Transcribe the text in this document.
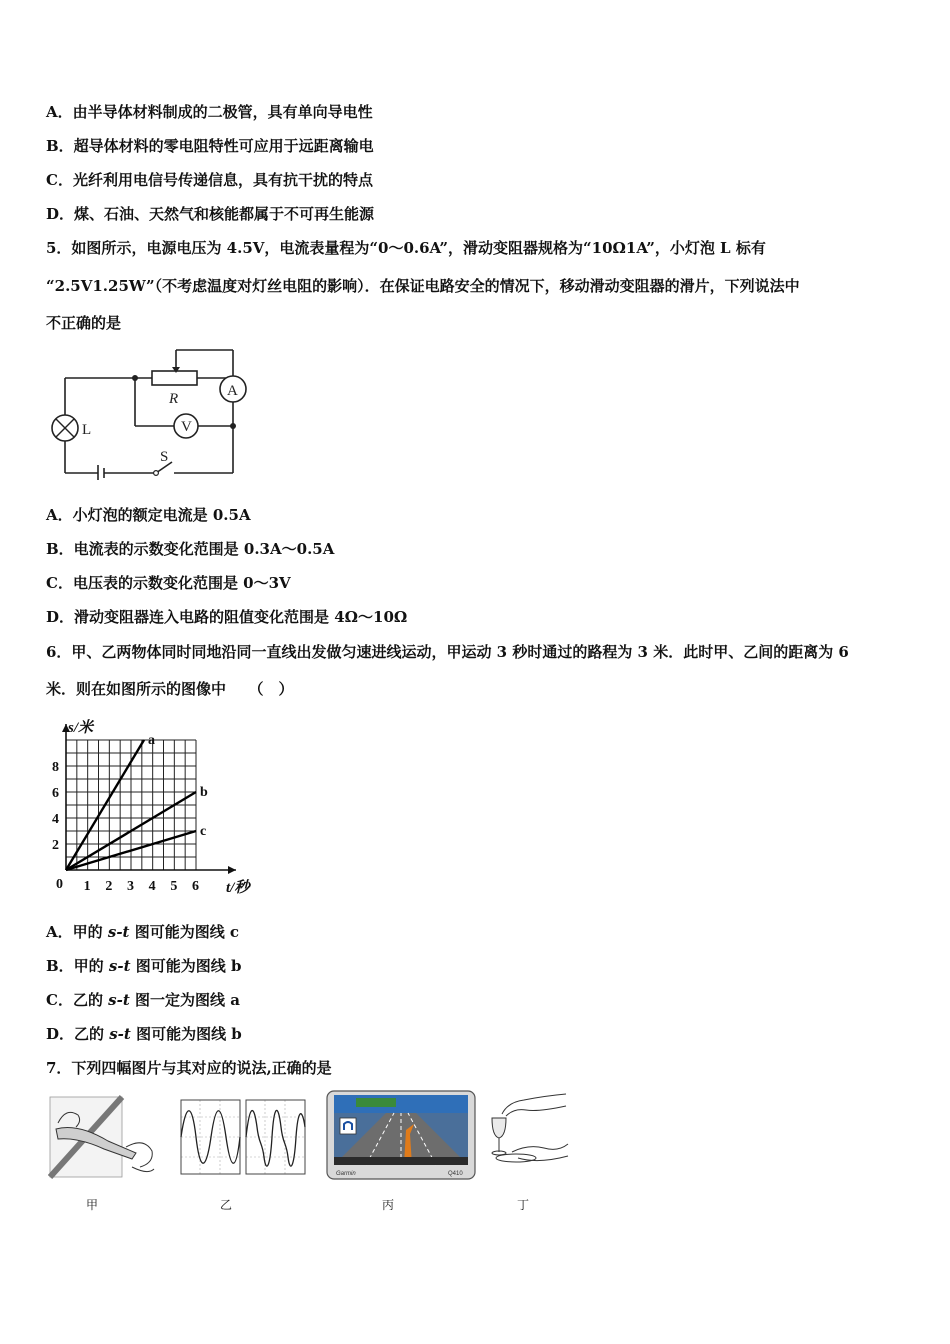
A．由半导体材料制成的二极管，具有单向导电性
B．超导体材料的零电阻特性可应用于远距离输电
C．光纤利用电信号传递信息，具有抗干扰的特点
D．煤、石油、天然气和核能都属于不可再生能源
5．如图所示，电源电压为 4.5V，电流表量程为“0～0.6A”，滑动变阻器规格为“10Ω1A”，小灯泡 L 标有
“2.5V1.25W”（不考虑温度对灯丝电阻的影响）．在保证电路安全的情况下，移动滑动变阻器的滑片，下列说法中
不正确的是
R	A
V
L
S
A．小灯泡的额定电流是 0.5A
B．电流表的示数变化范围是 0.3A～0.5A
C．电压表的示数变化范围是 0～3V
D．滑动变阻器连入电路的阻值变化范围是 4Ω～10Ω
6．甲、乙两物体同时同地沿同一直线出发做匀速进线运动，甲运动 3 秒时通过的路程为 3 米．此时甲、乙间的距离为 6
米．则在如图所示的图像中　　（　）
a
b
c
1 2 3 4 5 6
2
4
6
8
0
s/米
t/秒
A．甲的 s-t 图可能为图线 c
B．甲的 s-t 图可能为图线 b
C．乙的 s-t 图一定为图线 a
D．乙的 s-t 图可能为图线 b
7．下列四幅图片与其对应的说法,正确的是
甲	乙
Garmin	Q410
丙	丁
